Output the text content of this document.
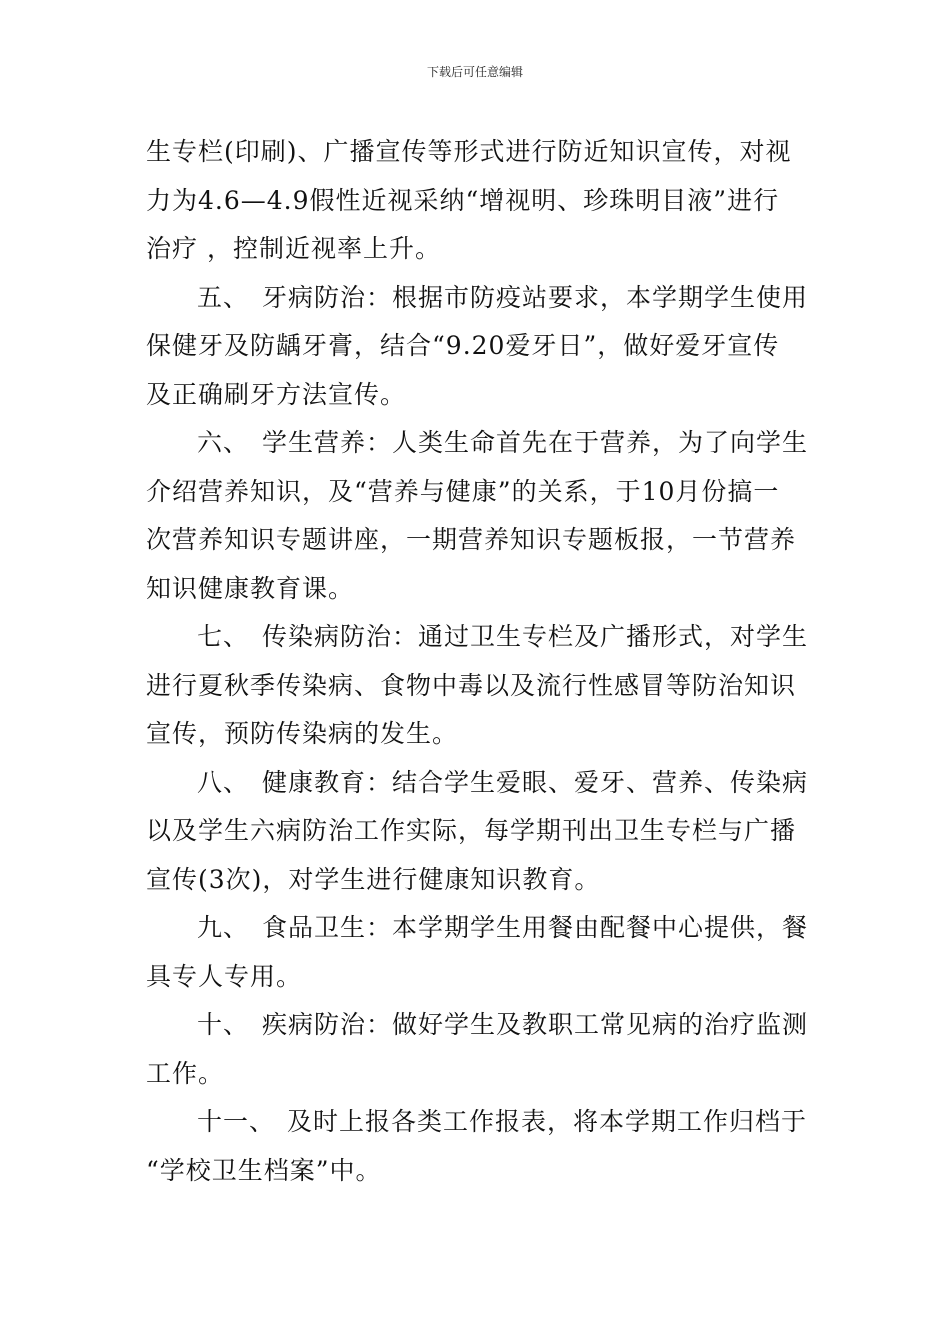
下载后可任意编辑
生专栏(印刷)、广播宣传等形式进行防近知识宣传，对视
力为4.6—4.9假性近视采纳“增视明、珍珠明目液”进行
治疗 ，控制近视率上升。
五、 牙病防治：根据市防疫站要求，本学期学生使用
保健牙及防龋牙膏，结合“9.20爱牙日”，做好爱牙宣传
及正确刷牙方法宣传。
六、 学生营养：人类生命首先在于营养，为了向学生
介绍营养知识，及“营养与健康”的关系，于10月份搞一
次营养知识专题讲座，一期营养知识专题板报，一节营养
知识健康教育课。
七、 传染病防治：通过卫生专栏及广播形式，对学生
进行夏秋季传染病、食物中毒以及流行性感冒等防治知识
宣传，预防传染病的发生。
八、 健康教育：结合学生爱眼、爱牙、营养、传染病
以及学生六病防治工作实际，每学期刊出卫生专栏与广播
宣传(3次)，对学生进行健康知识教育。
九、 食品卫生：本学期学生用餐由配餐中心提供，餐
具专人专用。
十、 疾病防治：做好学生及教职工常见病的治疗监测
工作。
十一、 及时上报各类工作报表，将本学期工作归档于
“学校卫生档案”中。
